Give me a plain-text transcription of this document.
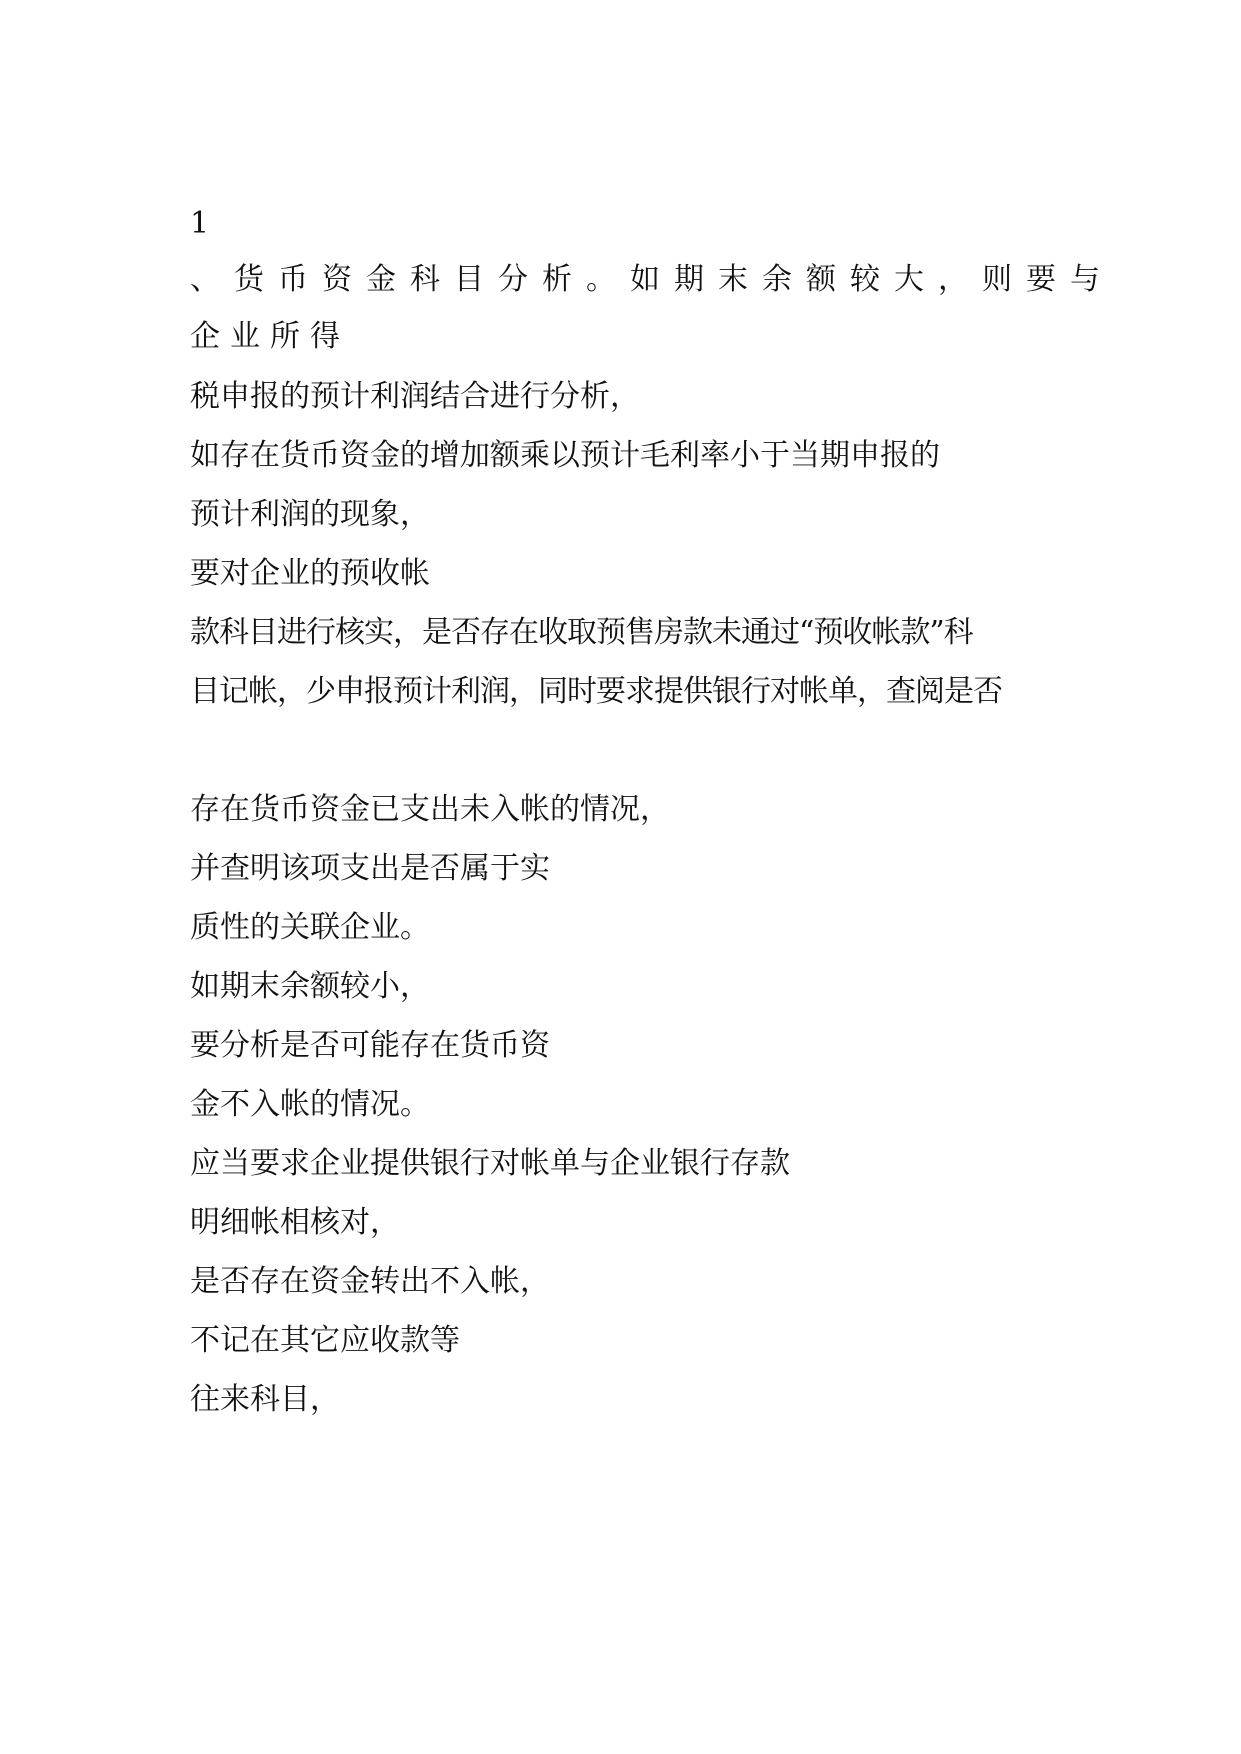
1
、货币资金科目分析。如期末余额较大，则要与
企业所得
税申报的预计利润结合进行分析，
如存在货币资金的增加额乘以预计毛利率小于当期申报的
预计利润的现象，
要对企业的预收帐
款科目进行核实，是否存在收取预售房款未通过“预收帐款”科
目记帐，少申报预计利润，同时要求提供银行对帐单，查阅是否
存在货币资金已支出未入帐的情况，
并查明该项支出是否属于实
质性的关联企业。
如期末余额较小，
要分析是否可能存在货币资
金不入帐的情况。
应当要求企业提供银行对帐单与企业银行存款
明细帐相核对，
是否存在资金转出不入帐，
不记在其它应收款等
往来科目，
